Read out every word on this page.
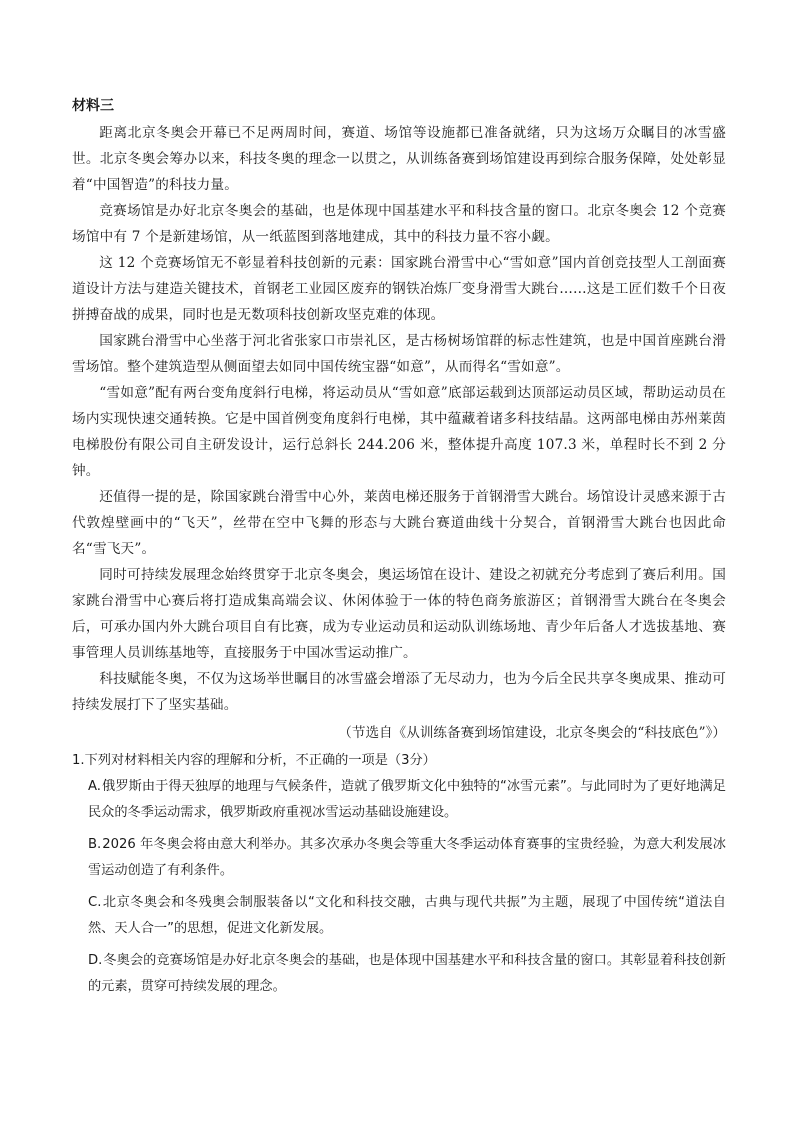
材料三

距离北京冬奥会开幕已不足两周时间，赛道、场馆等设施都已准备就绪，只为这场万众瞩目的冰雪盛世。北京冬奥会筹办以来，科技冬奥的理念一以贯之，从训练备赛到场馆建设再到综合服务保障，处处彰显着“中国智造”的科技力量。

竞赛场馆是办好北京冬奥会的基础，也是体现中国基建水平和科技含量的窗口。北京冬奥会 12 个竞赛场馆中有 7 个是新建场馆，从一纸蓝图到落地建成，其中的科技力量不容小觑。

这 12 个竞赛场馆无不彰显着科技创新的元素：国家跳台滑雪中心“雪如意”国内首创竞技型人工剖面赛道设计方法与建造关键技术，首钢老工业园区废弃的钢铁冶炼厂变身滑雪大跳台……这是工匠们数千个日夜拼搏奋战的成果，同时也是无数项科技创新攻坚克难的体现。

国家跳台滑雪中心坐落于河北省张家口市崇礼区，是古杨树场馆群的标志性建筑，也是中国首座跳台滑雪场馆。整个建筑造型从侧面望去如同中国传统宝器“如意”，从而得名“雪如意”。

“雪如意”配有两台变角度斜行电梯，将运动员从“雪如意”底部运载到达顶部运动员区域，帮助运动员在场内实现快速交通转换。它是中国首例变角度斜行电梯，其中蕴藏着诸多科技结晶。这两部电梯由苏州莱茵电梯股份有限公司自主研发设计，运行总斜长 244.206 米，整体提升高度 107.3 米，单程时长不到 2 分钟。

还值得一提的是，除国家跳台滑雪中心外，莱茵电梯还服务于首钢滑雪大跳台。场馆设计灵感来源于古代敦煌壁画中的“飞天”，丝带在空中飞舞的形态与大跳台赛道曲线十分契合，首钢滑雪大跳台也因此命名“雪飞天”。

同时可持续发展理念始终贯穿于北京冬奥会，奥运场馆在设计、建设之初就充分考虑到了赛后利用。国家跳台滑雪中心赛后将打造成集高端会议、休闲体验于一体的特色商务旅游区；首钢滑雪大跳台在冬奥会后，可承办国内外大跳台项目自有比赛，成为专业运动员和运动队训练场地、青少年后备人才选拔基地、赛事管理人员训练基地等，直接服务于中国冰雪运动推广。

科技赋能冬奥，不仅为这场举世瞩目的冰雪盛会增添了无尽动力，也为今后全民共享冬奥成果、推动可持续发展打下了坚实基础。

（节选自《从训练备赛到场馆建设，北京冬奥会的“科技底色”》）

1.下列对材料相关内容的理解和分析，不正确的一项是（3分）

A.俄罗斯由于得天独厚的地理与气候条件，造就了俄罗斯文化中独特的“冰雪元素”。与此同时为了更好地满足民众的冬季运动需求，俄罗斯政府重视冰雪运动基础设施建设。
B.2026 年冬奥会将由意大利举办。其多次承办冬奥会等重大冬季运动体育赛事的宝贵经验，为意大利发展冰雪运动创造了有利条件。
C.北京冬奥会和冬残奥会制服装备以“文化和科技交融，古典与现代共振”为主题，展现了中国传统“道法自然、天人合一”的思想，促进文化新发展。
D.冬奥会的竞赛场馆是办好北京冬奥会的基础，也是体现中国基建水平和科技含量的窗口。其彰显着科技创新的元素，贯穿可持续发展的理念。
